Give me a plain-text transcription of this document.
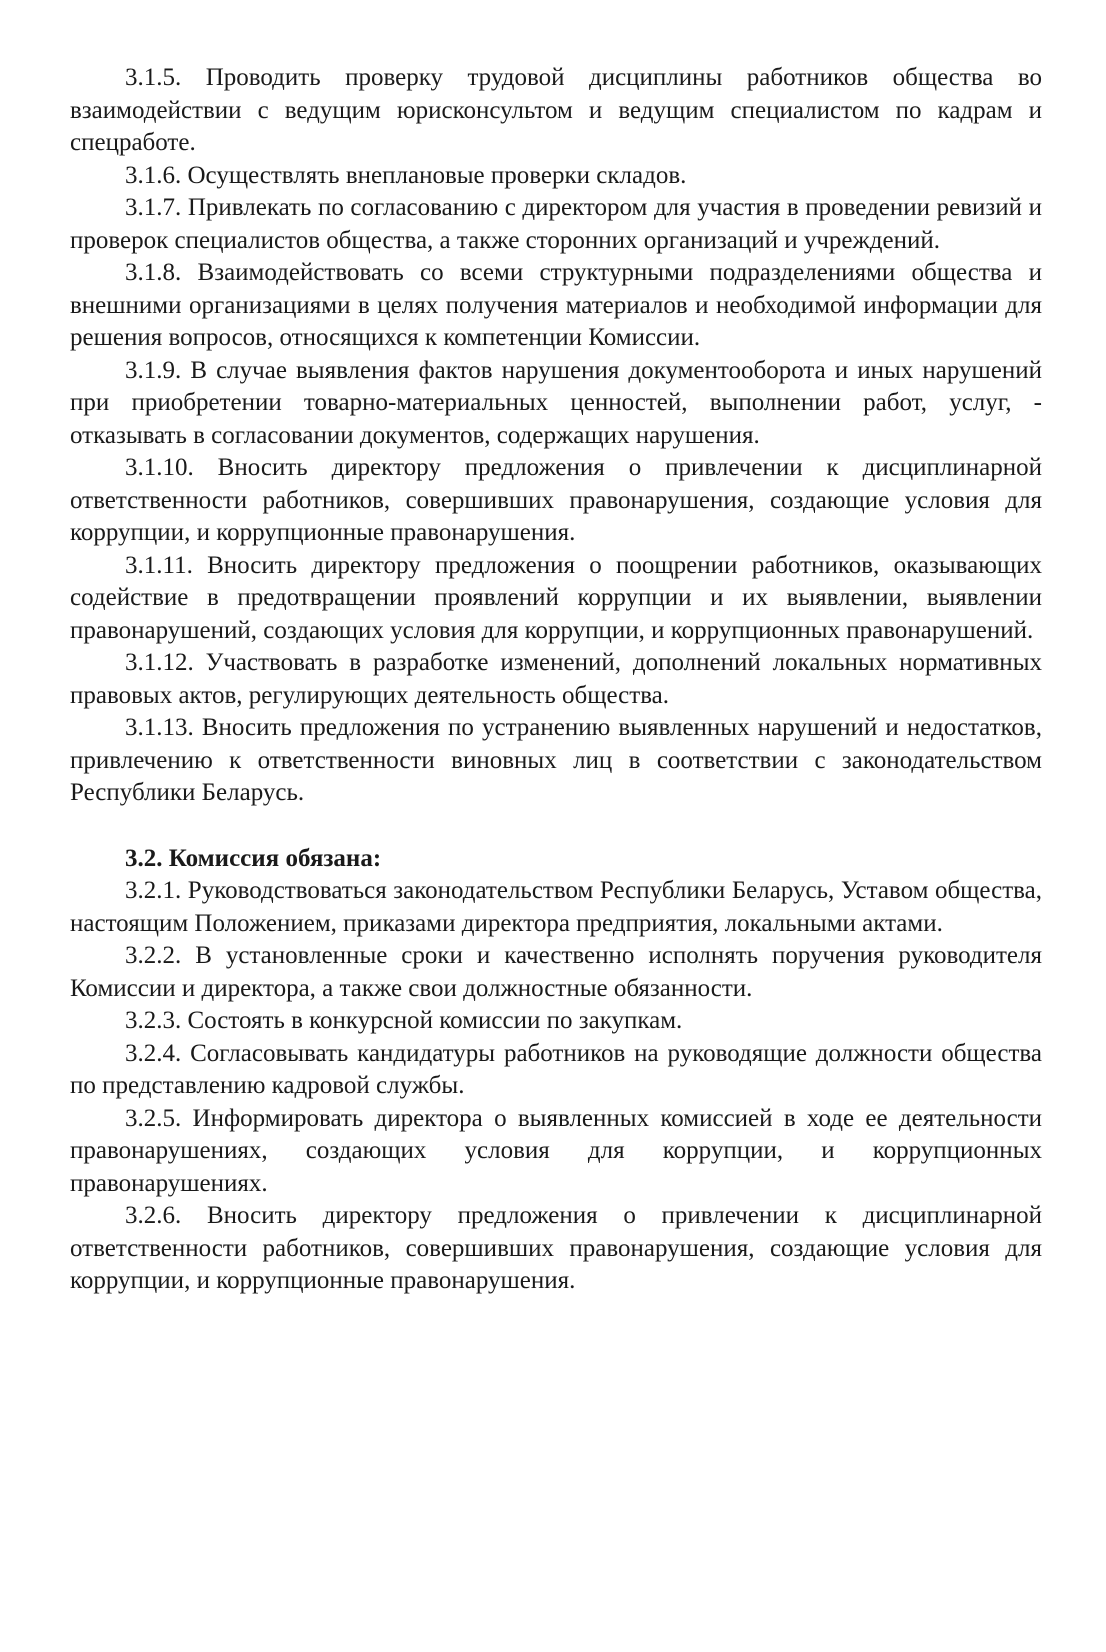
3.1.5. Проводить проверку трудовой дисциплины работников общества во взаимодействии с ведущим юрисконсультом и ведущим специалистом по кадрам и спецработе.

3.1.6. Осуществлять внеплановые проверки складов.

3.1.7. Привлекать по согласованию с директором для участия в проведении ревизий и проверок специалистов общества, а также сторонних организаций и учреждений.

3.1.8. Взаимодействовать со всеми структурными подразделениями общества и внешними организациями в целях получения материалов и необходимой информации для решения вопросов, относящихся к компетенции Комиссии.

3.1.9. В случае выявления фактов нарушения документооборота и иных нарушений при приобретении товарно-материальных ценностей, выполнении работ, услуг, - отказывать в согласовании документов, содержащих нарушения.

3.1.10. Вносить директору предложения о привлечении к дисциплинарной ответственности работников, совершивших правонарушения, создающие условия для коррупции, и коррупционные правонарушения.

3.1.11. Вносить директору предложения о поощрении работников, оказывающих содействие в предотвращении проявлений коррупции и их выявлении, выявлении правонарушений, создающих условия для коррупции, и коррупционных правонарушений.

3.1.12. Участвовать в разработке изменений, дополнений локальных нормативных правовых актов, регулирующих деятельность общества.

3.1.13. Вносить предложения по устранению выявленных нарушений и недостатков, привлечению к ответственности виновных лиц в соответствии с законодательством Республики Беларусь.

3.2. Комиссия обязана:

3.2.1. Руководствоваться законодательством Республики Беларусь, Уставом общества, настоящим Положением, приказами директора предприятия, локальными актами.

3.2.2. В установленные сроки и качественно исполнять поручения руководителя Комиссии и директора, а также свои должностные обязанности.

3.2.3. Состоять в конкурсной комиссии по закупкам.

3.2.4. Согласовывать кандидатуры работников на руководящие должности общества по представлению кадровой службы.

3.2.5. Информировать директора о выявленных комиссией в ходе ее деятельности правонарушениях, создающих условия для коррупции, и коррупционных правонарушениях.

3.2.6. Вносить директору предложения о привлечении к дисциплинарной ответственности работников, совершивших правонарушения, создающие условия для коррупции, и коррупционные правонарушения.
